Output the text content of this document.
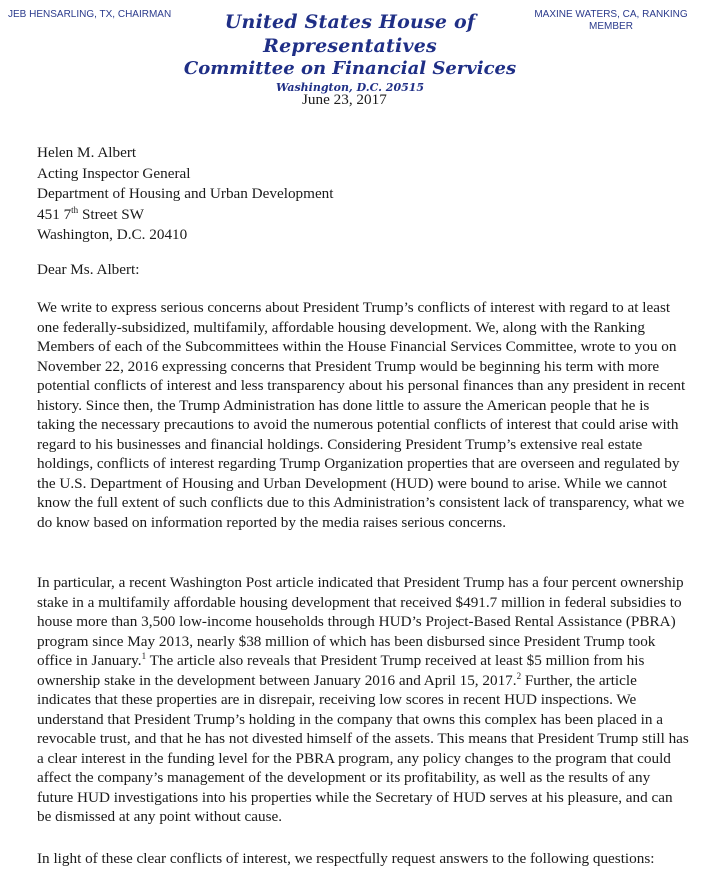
JEB HENSARLING, TX, CHAIRMAN	MAXINE WATERS, CA, RANKING
MEMBER
United States House of Representatives
Committee on Financial Services
Washington, D.C. 20515
June 23, 2017
Helen M. Albert
Acting Inspector General
Department of Housing and Urban Development
451 7th Street SW
Washington, D.C. 20410
Dear Ms. Albert:

We write to express serious concerns about President Trump’s conflicts of interest with regard to at least one federally-subsidized, multifamily, affordable housing development. We, along with the Ranking Members of each of the Subcommittees within the House Financial Services Committee, wrote to you on November 22, 2016 expressing concerns that President Trump would be beginning his term with more potential conflicts of interest and less transparency about his personal finances than any president in recent history. Since then, the Trump Administration has done little to assure the American people that he is taking the necessary precautions to avoid the numerous potential conflicts of interest that could arise with regard to his businesses and financial holdings. Considering President Trump’s extensive real estate holdings, conflicts of interest regarding Trump Organization properties that are overseen and regulated by the U.S. Department of Housing and Urban Development (HUD) were bound to arise. While we cannot know the full extent of such conflicts due to this Administration’s consistent lack of transparency, what we do know based on information reported by the media raises serious concerns.

In particular, a recent Washington Post article indicated that President Trump has a four percent ownership stake in a multifamily affordable housing development that received $491.7 million in federal subsidies to house more than 3,500 low-income households through HUD’s Project-Based Rental Assistance (PBRA) program since May 2013, nearly $38 million of which has been disbursed since President Trump took office in January.$^1$ The article also reveals that President Trump received at least $5 million from his ownership stake in the development between January 2016 and April 15, 2017.$^2$ Further, the article indicates that these properties are in disrepair, receiving low scores in recent HUD inspections. We understand that President Trump’s holding in the company that owns this complex has been placed in a revocable trust, and that he has not divested himself of the assets. This means that President Trump still has a clear interest in the funding level for the PBRA program, any policy changes to the program that could affect the company’s management of the development or its profitability, as well as the results of any future HUD investigations into his properties while the Secretary of HUD serves at his pleasure, and can be dismissed at any point without cause.

In light of these clear conflicts of interest, we respectfully request answers to the following questions:
